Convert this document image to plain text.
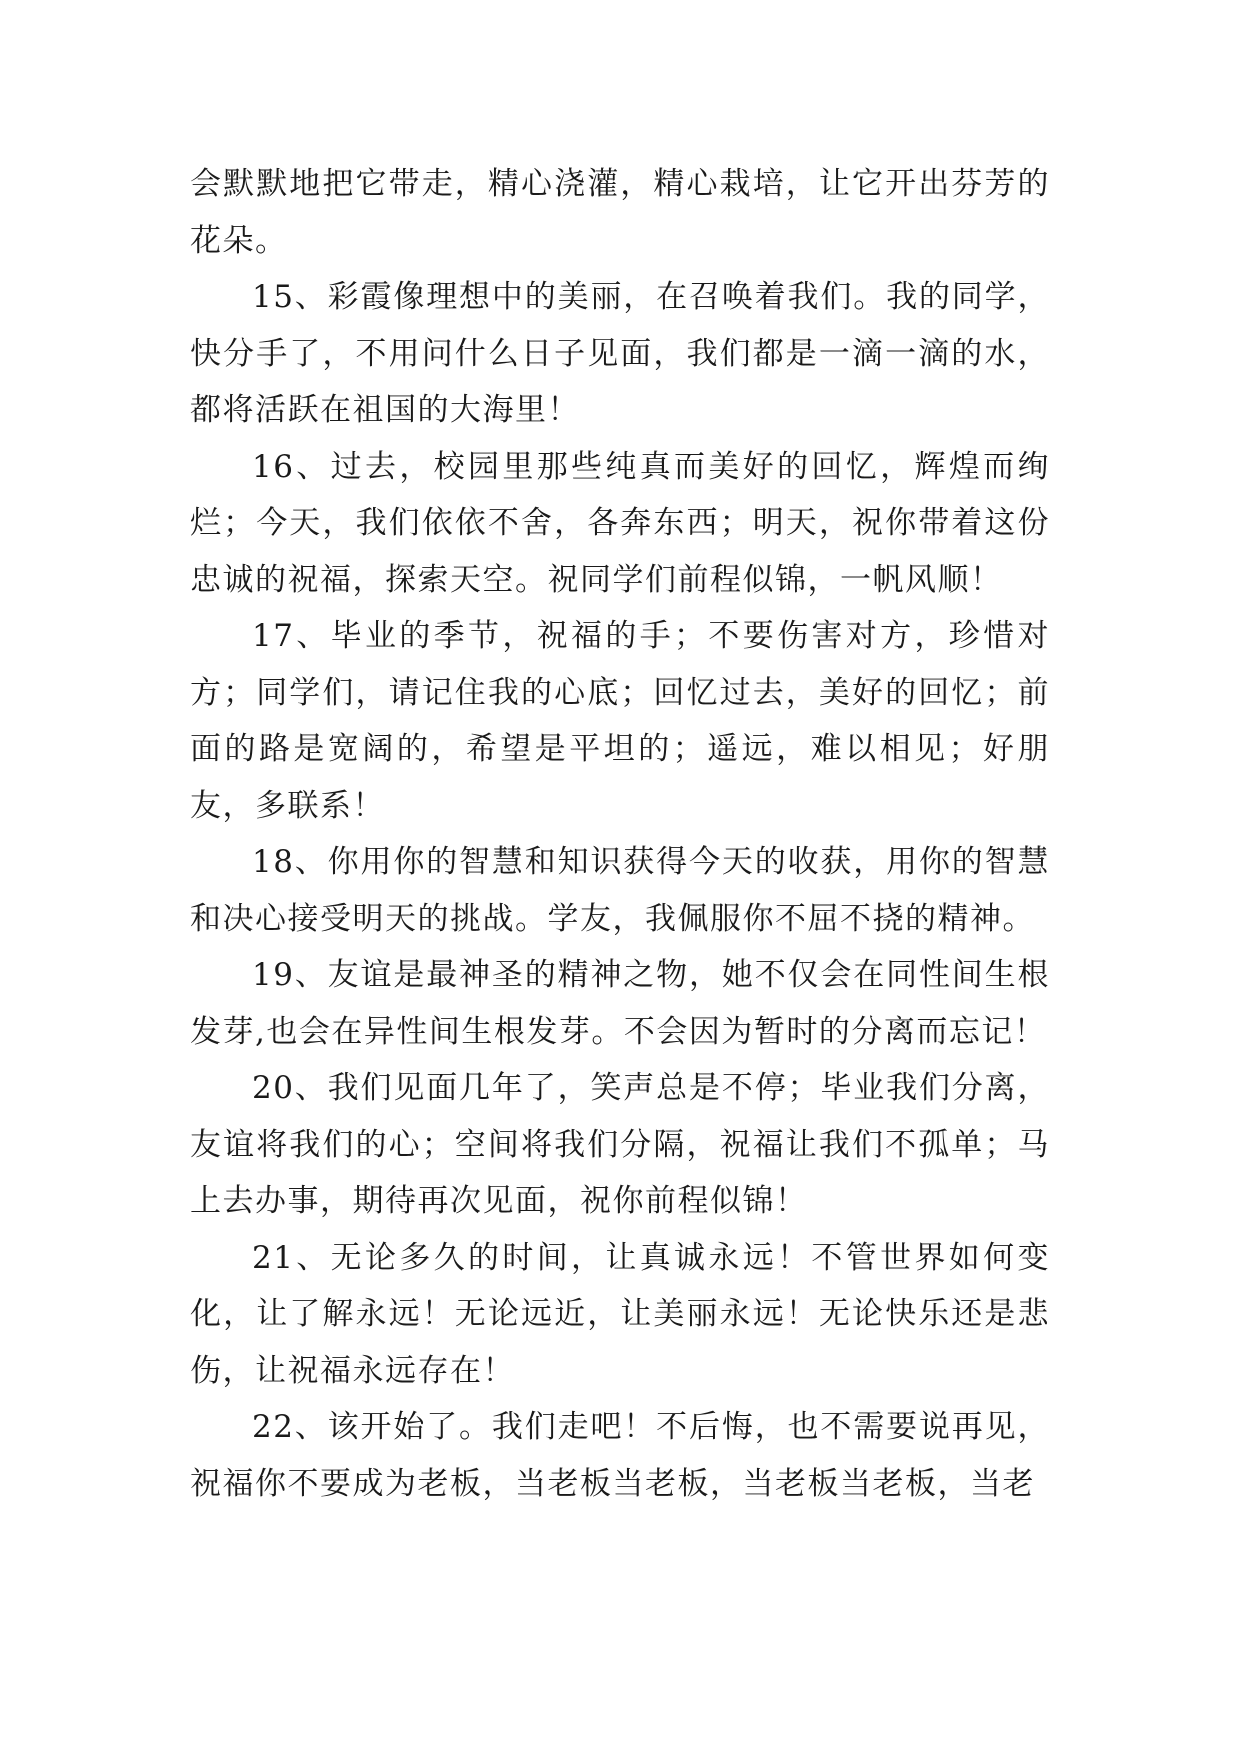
会默默地把它带走，精心浇灌，精心栽培，让它开出芬芳的花朵。

15、彩霞像理想中的美丽，在召唤着我们。我的同学，快分手了，不用问什么日子见面，我们都是一滴一滴的水，都将活跃在祖国的大海里！

16、过去，校园里那些纯真而美好的回忆，辉煌而绚烂；今天，我们依依不舍，各奔东西；明天，祝你带着这份忠诚的祝福，探索天空。祝同学们前程似锦，一帆风顺！

17、毕业的季节，祝福的手；不要伤害对方，珍惜对方；同学们，请记住我的心底；回忆过去，美好的回忆；前面的路是宽阔的，希望是平坦的；遥远，难以相见；好朋友，多联系！

18、你用你的智慧和知识获得今天的收获，用你的智慧和决心接受明天的挑战。学友，我佩服你不屈不挠的精神。

19、友谊是最神圣的精神之物，她不仅会在同性间生根发芽,也会在异性间生根发芽。不会因为暂时的分离而忘记！

20、我们见面几年了，笑声总是不停；毕业我们分离，友谊将我们的心；空间将我们分隔，祝福让我们不孤单；马上去办事，期待再次见面，祝你前程似锦！

21、无论多久的时间，让真诚永远！不管世界如何变化，让了解永远！无论远近，让美丽永远！无论快乐还是悲伤，让祝福永远存在！

22、该开始了。我们走吧！不后悔，也不需要说再见，祝福你不要成为老板，当老板当老板，当老板当老板，当老
